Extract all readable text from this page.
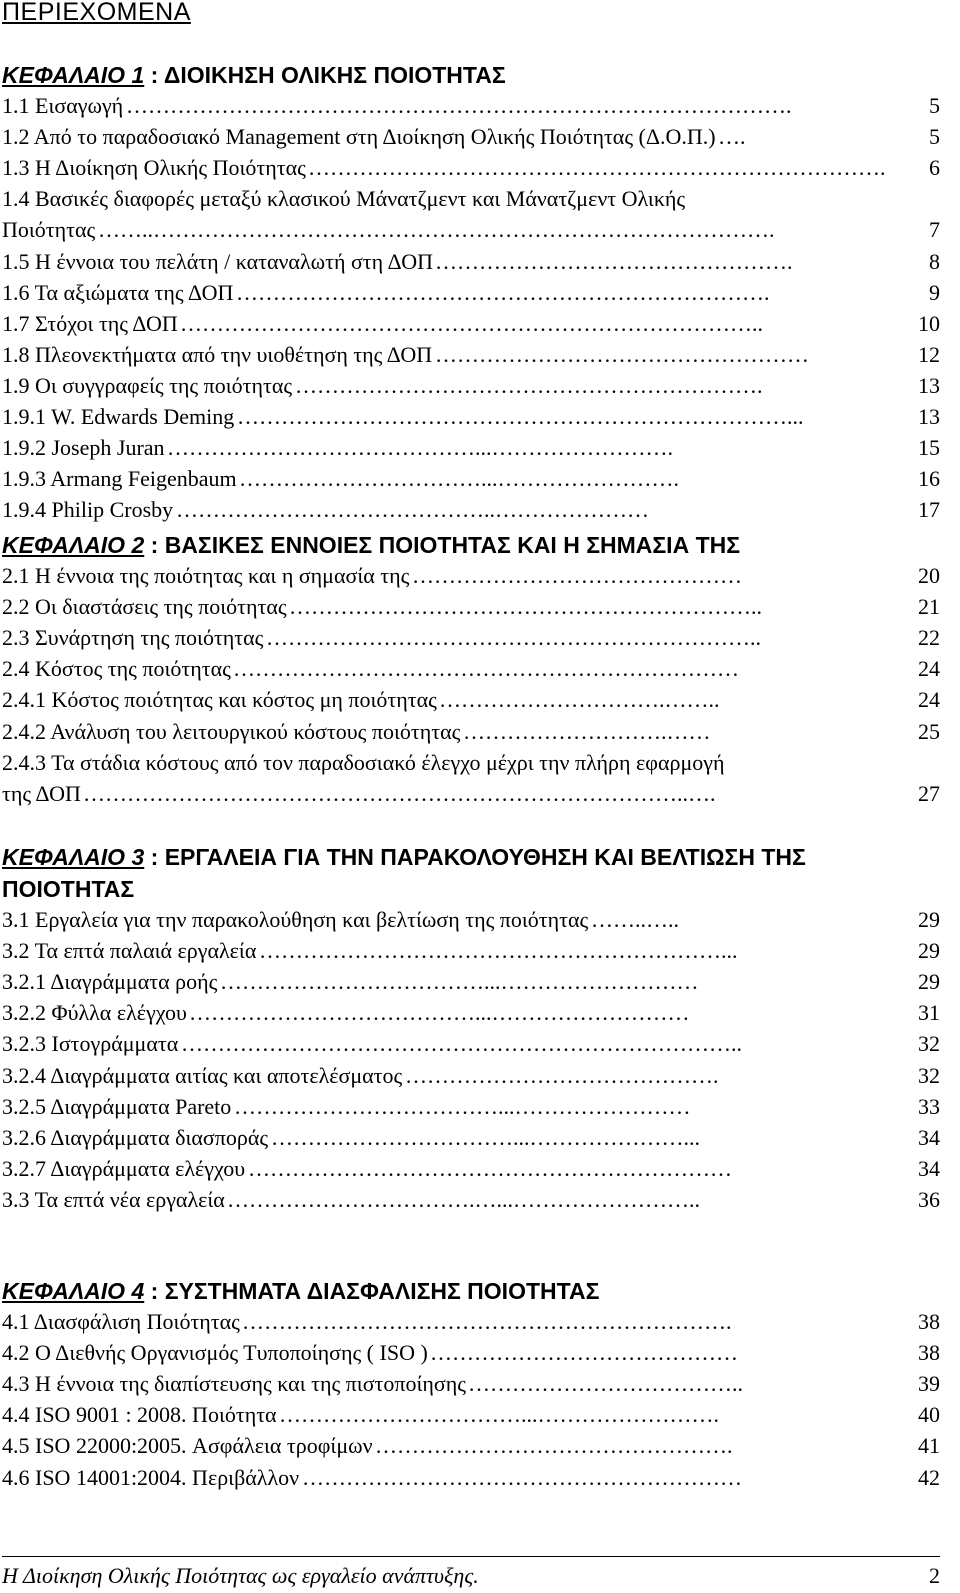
ΠΕΡΙΕΧΟΜΕΝΑ
ΚΕΦΑΛΑΙΟ 1 : ΔΙΟΙΚΗΣΗ ΟΛΙΚΗΣ ΠΟΙΟΤΗΤΑΣ
1.1 Εισαγωγή ……………………………………………………………………………….	5
1.2 Από το παραδοσιακό Management στη Διοίκηση Ολικής Ποιότητας (Δ.Ο.Π.) ….	5
1.3 Η Διοίκηση Ολικής Ποιότητας …………………………………………………………………….	6
1.4 Βασικές διαφορές μεταξύ κλασικού Μάνατζμεντ και Μάνατζμεντ Ολικής
Ποιότητας ……..………………………………………………………………………….	7
1.5 Η έννοια του πελάτη / καταναλωτή στη ΔΟΠ ………………………………………….	8
1.6 Τα αξιώματα της ΔΟΠ ……………………………………………………………….	9
1.7 Στόχοι της ΔΟΠ ……………………………………………………………………..	10
1.8 Πλεονεκτήματα από την υιοθέτηση της ΔΟΠ ……………………………………………	12
1.9 Οι συγγραφείς της ποιότητας ……………………………………………………….	13
1.9.1 W. Edwards Deming …………………………………………………………………...	13
1.9.2 Joseph Juran ……………………………………...…………………….	15
1.9.3 Armang Feigenbaum ……………………………...…………………….	16
1.9.4 Philip Crosby ……………………………………..…………………	17
ΚΕΦΑΛΑΙΟ 2 : ΒΑΣΙΚΕΣ ΕΝΝΟΙΕΣ ΠΟΙΟΤΗΤΑΣ ΚΑΙ Η ΣΗΜΑΣΙΑ ΤΗΣ
2.1 Η έννοια της ποιότητας και η σημασία της ………………………………………	20
2.2 Οι διαστάσεις της ποιότητας ………………………………………………………..	21
2.3 Συνάρτηση της ποιότητας …………………………………………………………..	22
2.4 Κόστος της ποιότητας ……………………………………………………………	24
2.4.1 Κόστος ποιότητας και κόστος μη ποιότητας ………………………….……..	24
2.4.2 Ανάλυση του λειτουργικού κόστους ποιότητας ……………………….……	25
2.4.3 Τα στάδια κόστους από τον παραδοσιακό έλεγχο μέχρι την πλήρη εφαρμογή
της ΔΟΠ ………………………………………………………………………..….	27
ΚΕΦΑΛΑΙΟ 3 : ΕΡΓΑΛΕΙΑ ΓΙΑ ΤΗΝ ΠΑΡΑΚΟΛΟΥΘΗΣΗ ΚΑΙ ΒΕΛΤΙΩΣΗ ΤΗΣ ΠΟΙΟΤΗΤΑΣ
3.1 Εργαλεία για την παρακολούθηση και βελτίωση της ποιότητας ……..…..	29
3.2 Τα επτά παλαιά εργαλεία ………………………………………………………...	29
3.2.1 Διαγράμματα ροής ………………………………...………………………	29
3.2.2 Φύλλα ελέγχου …………………………………...………………………	31
3.2.3 Ιστογράμματα …………………………………………………………………..	32
3.2.4 Διαγράμματα αιτίας και αποτελέσματος …………………………………….	32
3.2.5 Διαγράμματα Pareto ………………………………...……………………	33
3.2.6 Διαγράμματα διασποράς ……………………………...…………………...	34
3.2.7 Διαγράμματα ελέγχου …………………………………………………………	34
3.3 Τα επτά νέα εργαλεία …………………………….…...……………………..	36
ΚΕΦΑΛΑΙΟ 4 : ΣΥΣΤΗΜΑΤΑ ΔΙΑΣΦΑΛΙΣΗΣ ΠΟΙΟΤΗΤΑΣ
4.1 Διασφάλιση Ποιότητας ………………………………………………………….	38
4.2 Ο Διεθνής Οργανισμός Τυποποίησης ( ISO ) ……………………………………	38
4.3 Η έννοια της διαπίστευσης και της πιστοποίησης ………………………………..	39
4.4 ISO 9001 : 2008. Ποιότητα ……………………………...…………………….	40
4.5 ISO 22000:2005. Ασφάλεια τροφίμων ………………………………………….	41
4.6 ISO 14001:2004. Περιβάλλον ……………………………………………………	42
Η Διοίκηση Ολικής Ποιότητας ως εργαλείο ανάπτυξης.	2
